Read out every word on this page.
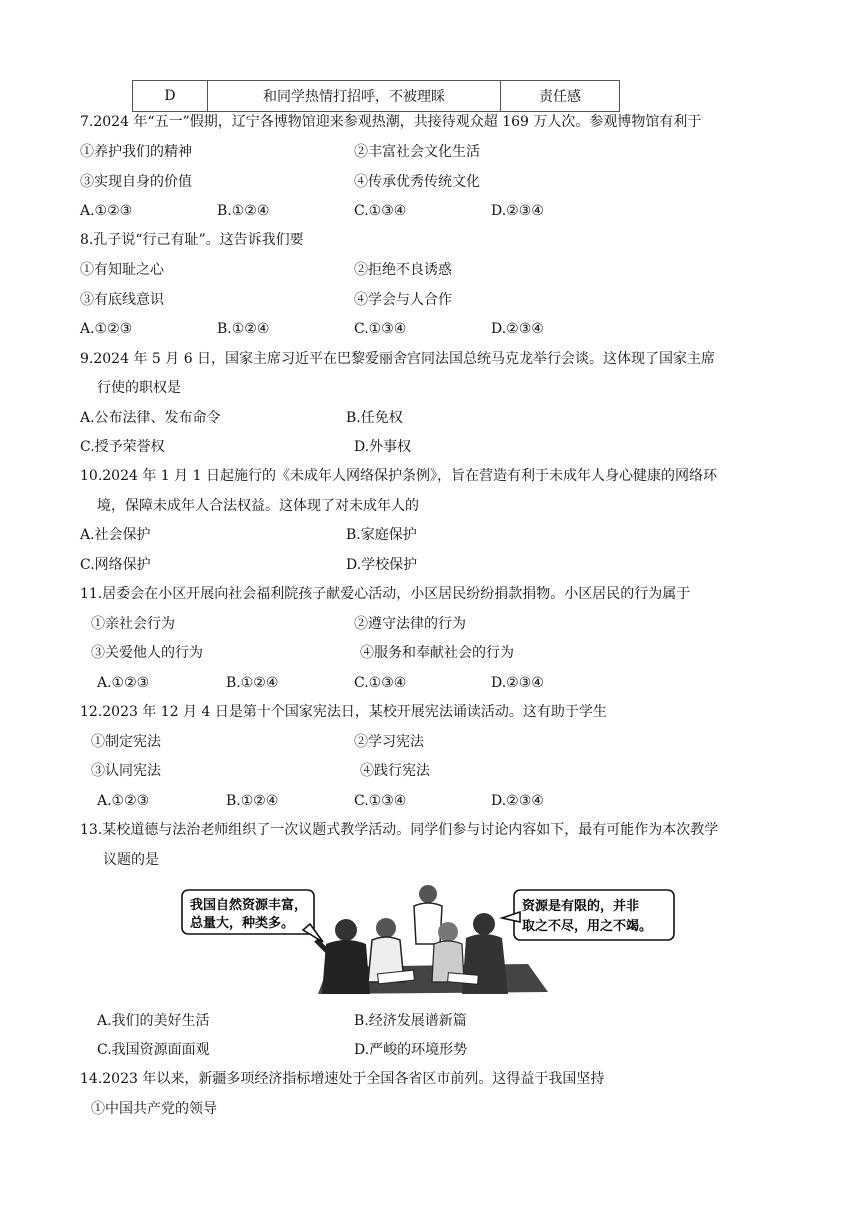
D	和同学热情打招呼，不被理睬	责任感
7.2024 年“五一”假期，辽宁各博物馆迎来参观热潮，共接待观众超 169 万人次。参观博物馆有利于
①养护我们的精神	②丰富社会文化生活
③实现自身的价值	④传承优秀传统文化
A.①②③	B.①②④	C.①③④	D.②③④
8.孔子说“行己有耻”。这告诉我们要
①有知耻之心	②拒绝不良诱惑
③有底线意识	④学会与人合作
A.①②③	B.①②④	C.①③④	D.②③④
9.2024 年 5 月 6 日，国家主席习近平在巴黎爱丽舍宫同法国总统马克龙举行会谈。这体现了国家主席
行使的职权是
A.公布法律、发布命令	B.任免权
C.授予荣誉权	D.外事权
10.2024 年 1 月 1 日起施行的《未成年人网络保护条例》，旨在营造有利于未成年人身心健康的网络环
境，保障未成年人合法权益。这体现了对未成年人的
A.社会保护	B.家庭保护
C.网络保护	D.学校保护
11.居委会在小区开展向社会福利院孩子献爱心活动，小区居民纷纷捐款捐物。小区居民的行为属于
①亲社会行为	②遵守法律的行为
③关爱他人的行为	④服务和奉献社会的行为
A.①②③	B.①②④	C.①③④	D.②③④
12.2023 年 12 月 4 日是第十个国家宪法日，某校开展宪法诵读活动。这有助于学生
①制定宪法	②学习宪法
③认同宪法	④践行宪法
A.①②③	B.①②④	C.①③④	D.②③④
13.某校道德与法治老师组织了一次议题式教学活动。同学们参与讨论内容如下，最有可能作为本次教学
议题的是
我国自然资源丰富，
总量大，种类多。
资源是有限的，并非
取之不尽，用之不竭。
A.我们的美好生活	B.经济发展谱新篇
C.我国资源面面观	D.严峻的环境形势
14.2023 年以来，新疆多项经济指标增速处于全国各省区市前列。这得益于我国坚持
①中国共产党的领导
